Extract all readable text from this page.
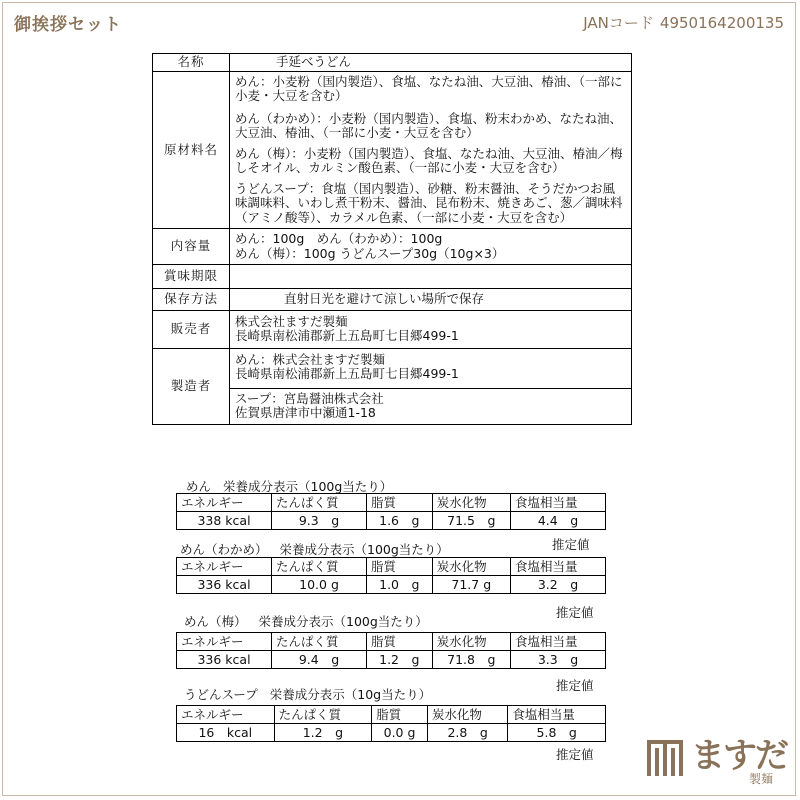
御挨拶セット	JANコード 4950164200135
名称	手延べうどん
原材料名	めん：小麦粉（国内製造）、食塩、なたね油、大豆油、椿油、（一部に小麦・大豆を含む）
めん（わかめ）：小麦粉（国内製造）、食塩、粉末わかめ、なたね油、大豆油、椿油、（一部に小麦・大豆を含む）
めん（梅）：小麦粉（国内製造）、食塩、なたね油、大豆油、椿油／梅しそオイル、カルミン酸色素、（一部に小麦・大豆を含む）
うどんスープ：食塩（国内製造）、砂糖、粉末醤油、そうだかつお風味調味料、いわし煮干粉末、醤油、昆布粉末、焼きあご、葱／調味料（アミノ酸等）、カラメル色素、（一部に小麦・大豆を含む）

内容量	めん：100g　めん（わかめ）：100g
めん（梅）：100g うどんスープ30g（10g×3）

賞味期限	
保存方法	直射日光を避けて涼しい場所で保存
販売者	株式会社ますだ製麺
長崎県南松浦郡新上五島町七目郷499-1

製造者	めん：株式会社ますだ製麺
長崎県南松浦郡新上五島町七目郷499-1
スープ：宮島醤油株式会社
佐賀県唐津市中瀬通1-18
めん 栄養成分表示（100g当たり）
エネルギー	たんぱく質	脂質	炭水化物	食塩相当量
338 kcal	9.3　g	1.6　g	71.5　g	4.4　g
推定値
めん（わかめ） 栄養成分表示（100g当たり）
エネルギー	たんぱく質	脂質	炭水化物	食塩相当量
336 kcal	10.0 g	1.0　g	71.7 g	3.2　g
推定値
めん（梅） 栄養成分表示（100g当たり）
エネルギー	たんぱく質	脂質	炭水化物	食塩相当量
336 kcal	9.4　g	1.2　g	71.8　g	3.3　g
推定値
うどんスープ 栄養成分表示（10g当たり）
エネルギー	たんぱく質	脂質	炭水化物	食塩相当量
16　kcal	1.2　g	0.0 g	2.8　g	5.8　g
推定値	ますだ
製麺
